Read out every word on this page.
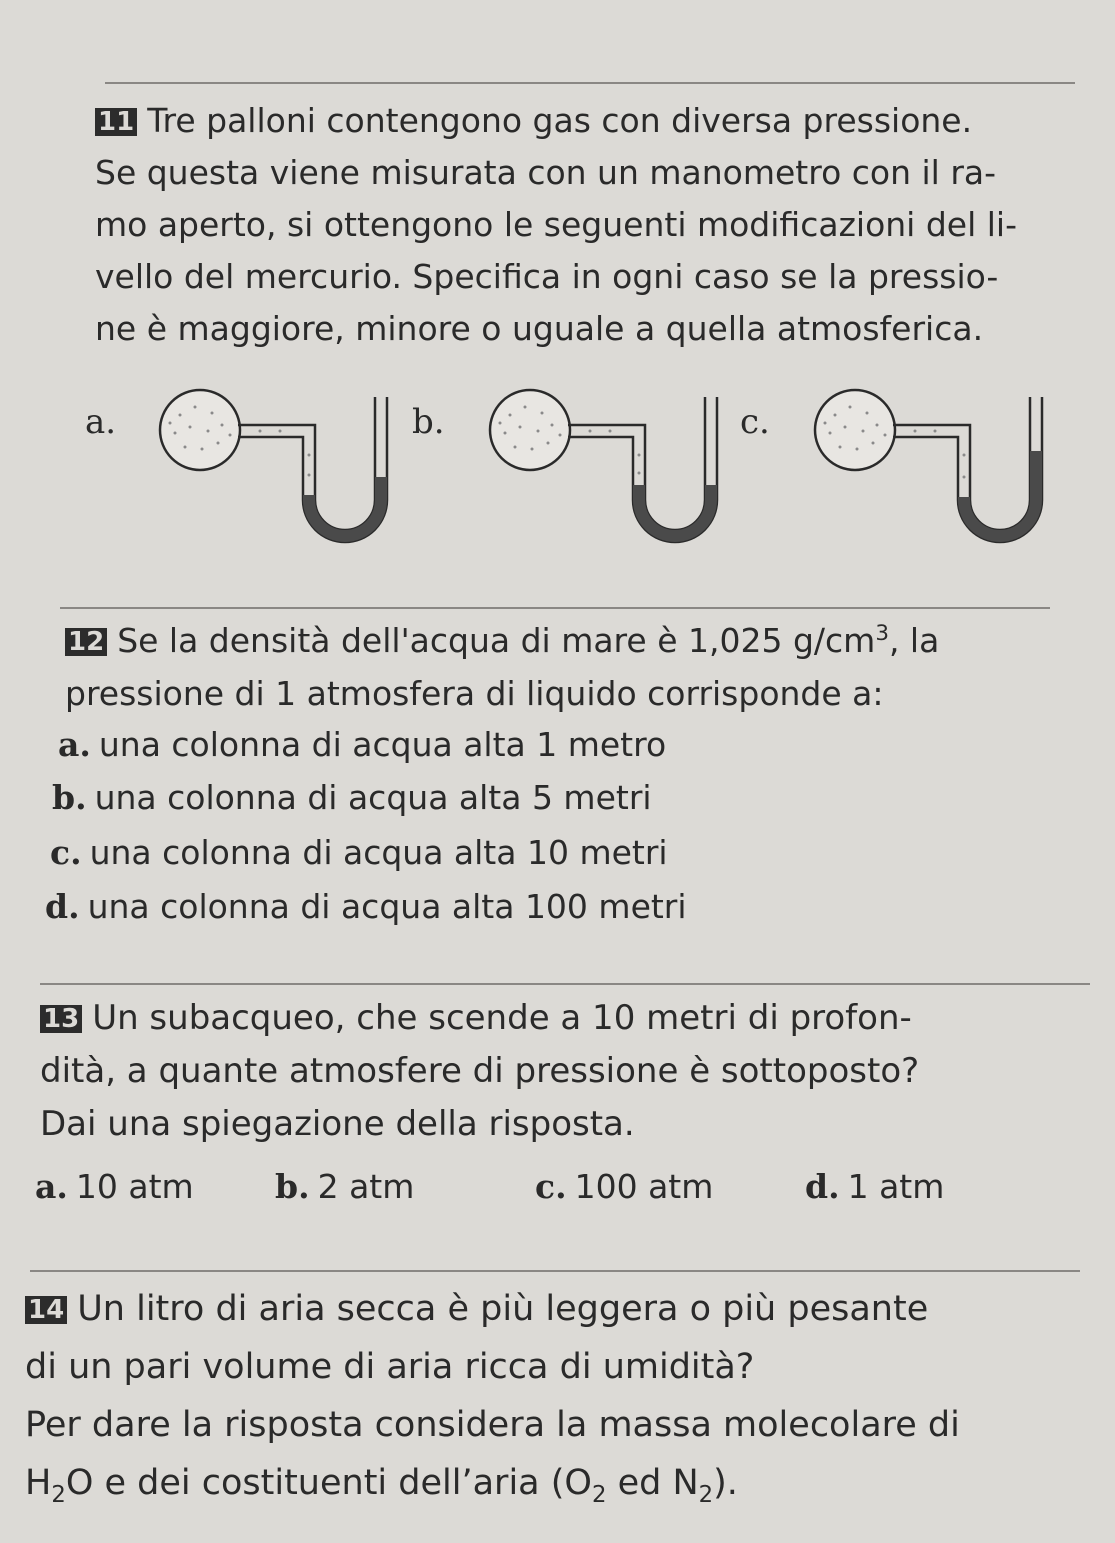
11 Tre palloni contengono gas con diversa pressione.
Se questa viene misurata con un manometro con il ra-
mo aperto, si ottengono le seguenti modificazioni del li-
vello del mercurio. Specifica in ogni caso se la pressio-
ne è maggiore, minore o uguale a quella atmosferica.
a.	b.	c.
12 Se la densità dell'acqua di mare è 1,025 $g/cm^3$, la
pressione di 1 atmosfera di liquido corrisponde a:
a. una colonna di acqua alta 1 metro
b. una colonna di acqua alta 5 metri
c. una colonna di acqua alta 10 metri
d. una colonna di acqua alta 100 metri
13 Un subacqueo, che scende a 10 metri di profon-
dità, a quante atmosfere di pressione è sottoposto?
Dai una spiegazione della risposta.
a. 10 atm b. 2 atm	c. 100 atm	d. 1 atm
14 Un litro di aria secca è più leggera o più pesante
di un pari volume di aria ricca di umidità?
Per dare la risposta considera la massa molecolare di
$H_2O$ e dei costituenti dell’aria ($O_2$ ed $N_2$).
